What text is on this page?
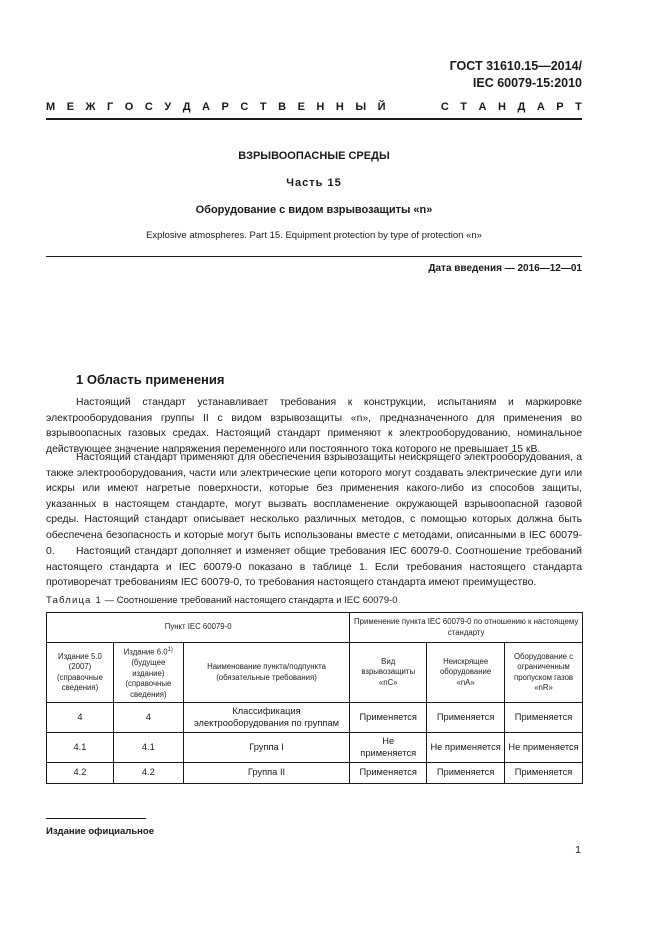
ГОСТ 31610.15—2014/
IEC 60079-15:2010
М Е Ж Г О С У Д А Р С Т В Е Н Н Ы Й

	С Т А Н Д А Р Т
ВЗРЫВООПАСНЫЕ СРЕДЫ
Часть 15
Оборудование с видом взрывозащиты «n»
Explosive atmospheres. Part 15. Equipment protection by type of protection «n»
Дата введения — 2016—12—01
1 Область применения
Настоящий стандарт устанавливает требования к конструкции, испытаниям и маркировке электрооборудования группы II с видом взрывозащиты «n», предназначенного для применения во взрывоопасных газовых средах. Настоящий стандарт применяют к электрооборудованию, номинальное действующее значение напряжения переменного или постоянного тока которого не превышает 15 кВ.
Настоящий стандарт применяют для обеспечения взрывозащиты неискрящего электрооборудования, а также электрооборудования, части или электрические цепи которого могут создавать электрические дуги или искры или имеют нагретые поверхности, которые без применения какого-либо из способов защиты, указанных в настоящем стандарте, могут вызвать воспламенение окружающей взрывоопасной газовой среды. Настоящий стандарт описывает несколько различных методов, с помощью которых должна быть обеспечена безопасность и которые могут быть использованы вместе с методами, описанными в IEC 60079-0.	Настоящий стандарт дополняет и изменяет общие требования IEC 60079-0. Соотношение требований настоящего стандарта и IEC 60079-0 показано в таблице 1. Если требования настоящего стандарта противоречат требованиям IEC 60079-0, то требования настоящего стандарта имеют преимущество.
Таблица 1 — Соотношение требований настоящего стандарта и IEC 60079-0
Пункт IEC 60079-0			Применение пункта IEC 60079-0 по отношению к настоящему стандарту		
Издание 5.0 (2007) (справочные сведения)	Издание 6.0$^{1)}$ (будущее издание) (справочные сведения)	Наименование пункта/подпункта (обязательные требования)	Вид взрывозащиты «nC»	Неискрящее оборудование «nA»	Оборудование с ограниченным пропуском газов «nR»
4	4	Классификация электрооборудования по группам	Применяется	Применяется	Применяется
4.1	4.1	Группа I	Не применяется	Не применяется	Не применяется
4.2	4.2	Группа II	Применяется	Применяется	Применяется
Издание официальное
1
